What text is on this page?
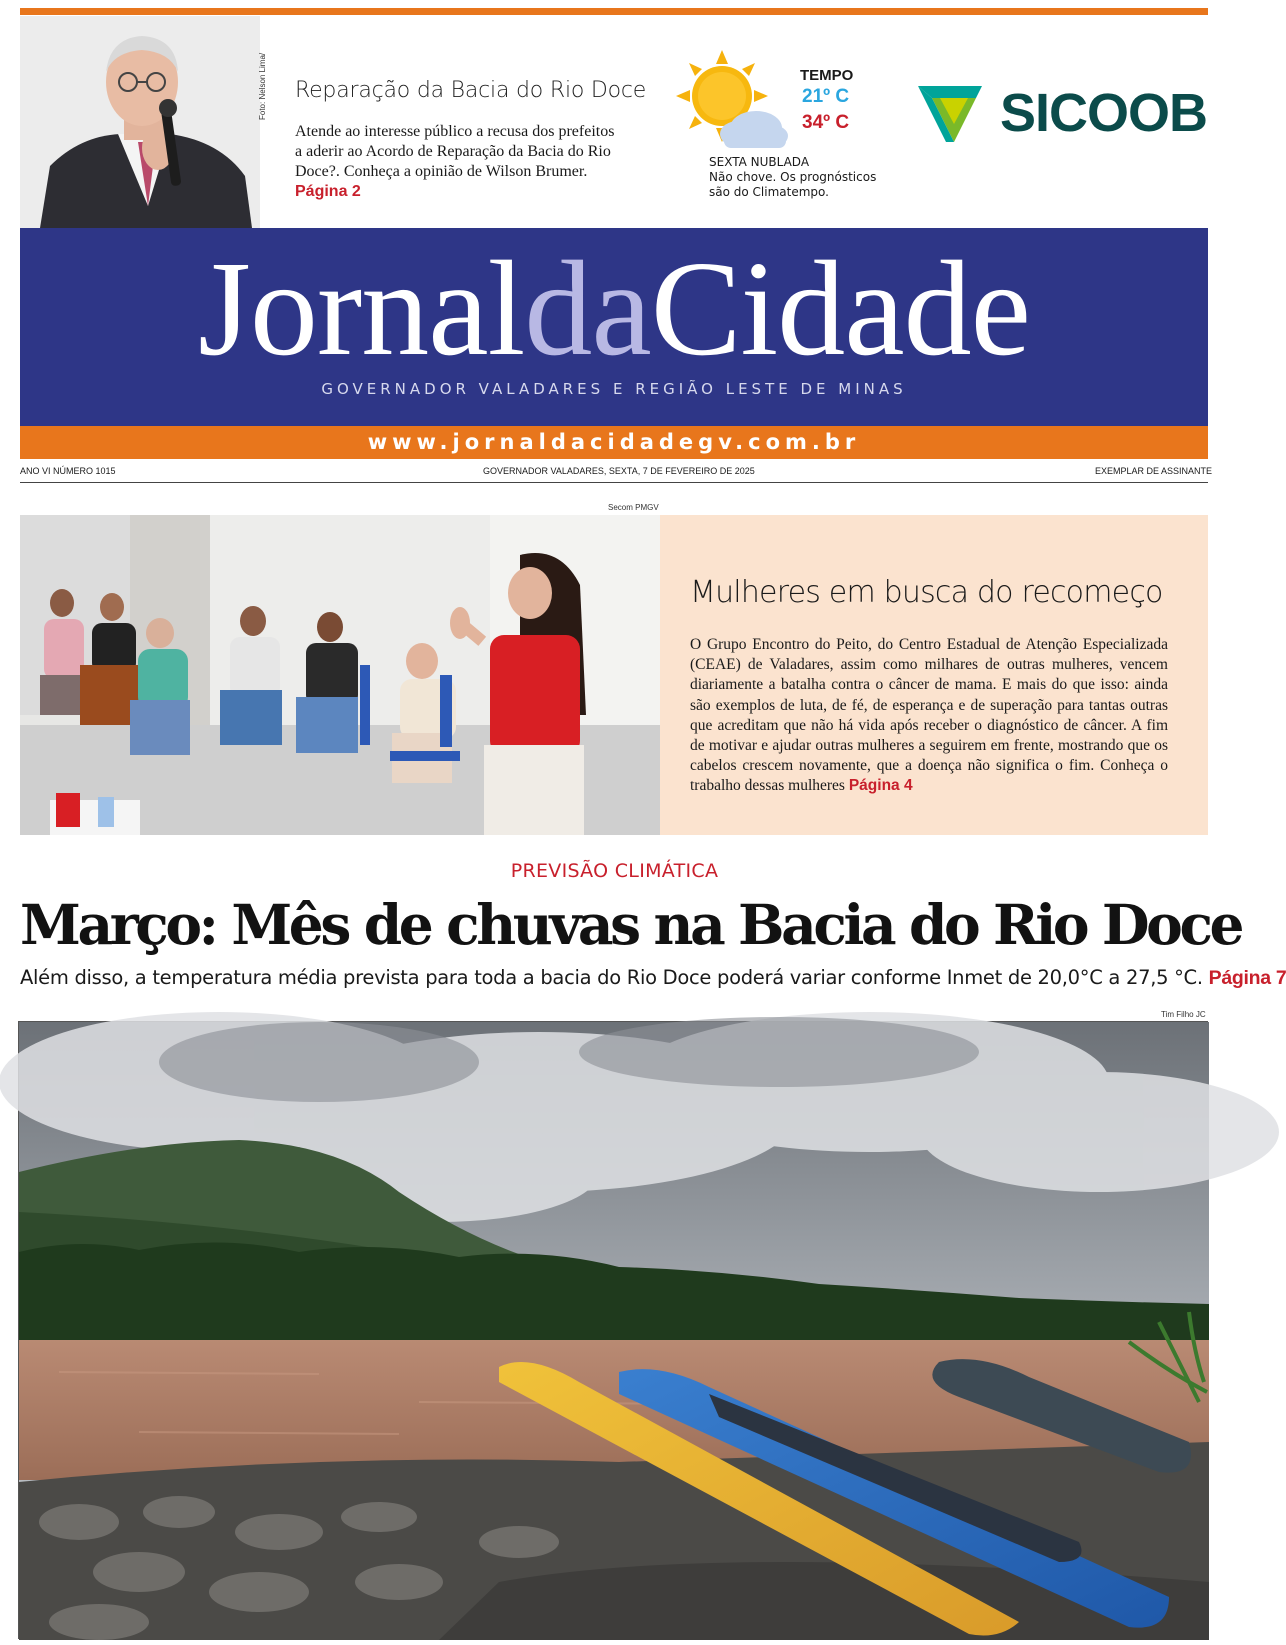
Foto: Nelson Lima/ Reparação da Bacia do Rio Doce
Atende ao interesse público a recusa dos prefeitos a aderir ao Acordo de Reparação da Bacia do Rio Doce?. Conheça a opinião de Wilson Brumer. Página 2
TEMPO
21º C
34º C
SEXTA NUBLADA
Não chove. Os prognósticos são do Climatempo.
SICOOB
JornaldaCidade
GOVERNADOR VALADARES E REGIÃO LESTE DE MINAS
www.jornaldacidadegv.com.br
ANO VI NÚMERO 1015	GOVERNADOR VALADARES, SEXTA, 7 DE FEVEREIRO DE 2025	EXEMPLAR DE ASSINANTE
Secom PMGV
Mulheres em busca do recomeço
O Grupo Encontro do Peito, do Centro Estadual de Atenção Especializada (CEAE) de Valadares, assim como milhares de outras mulheres, vencem diariamente a batalha contra o câncer de mama. E mais do que isso: ainda são exemplos de luta, de fé, de esperança e de superação para tantas outras que acreditam que não há vida após receber o diagnóstico de câncer. A fim de motivar e ajudar outras mulheres a seguirem em frente, mostrando que os cabelos crescem novamente, que a doença não significa o fim. Conheça o trabalho dessas mulheres Página 4
PREVISÃO CLIMÁTICA
Março: Mês de chuvas na Bacia do Rio Doce
Além disso, a temperatura média prevista para toda a bacia do Rio Doce poderá variar conforme Inmet de 20,0°C a 27,5 °C. Página 7
Tim Filho JC
